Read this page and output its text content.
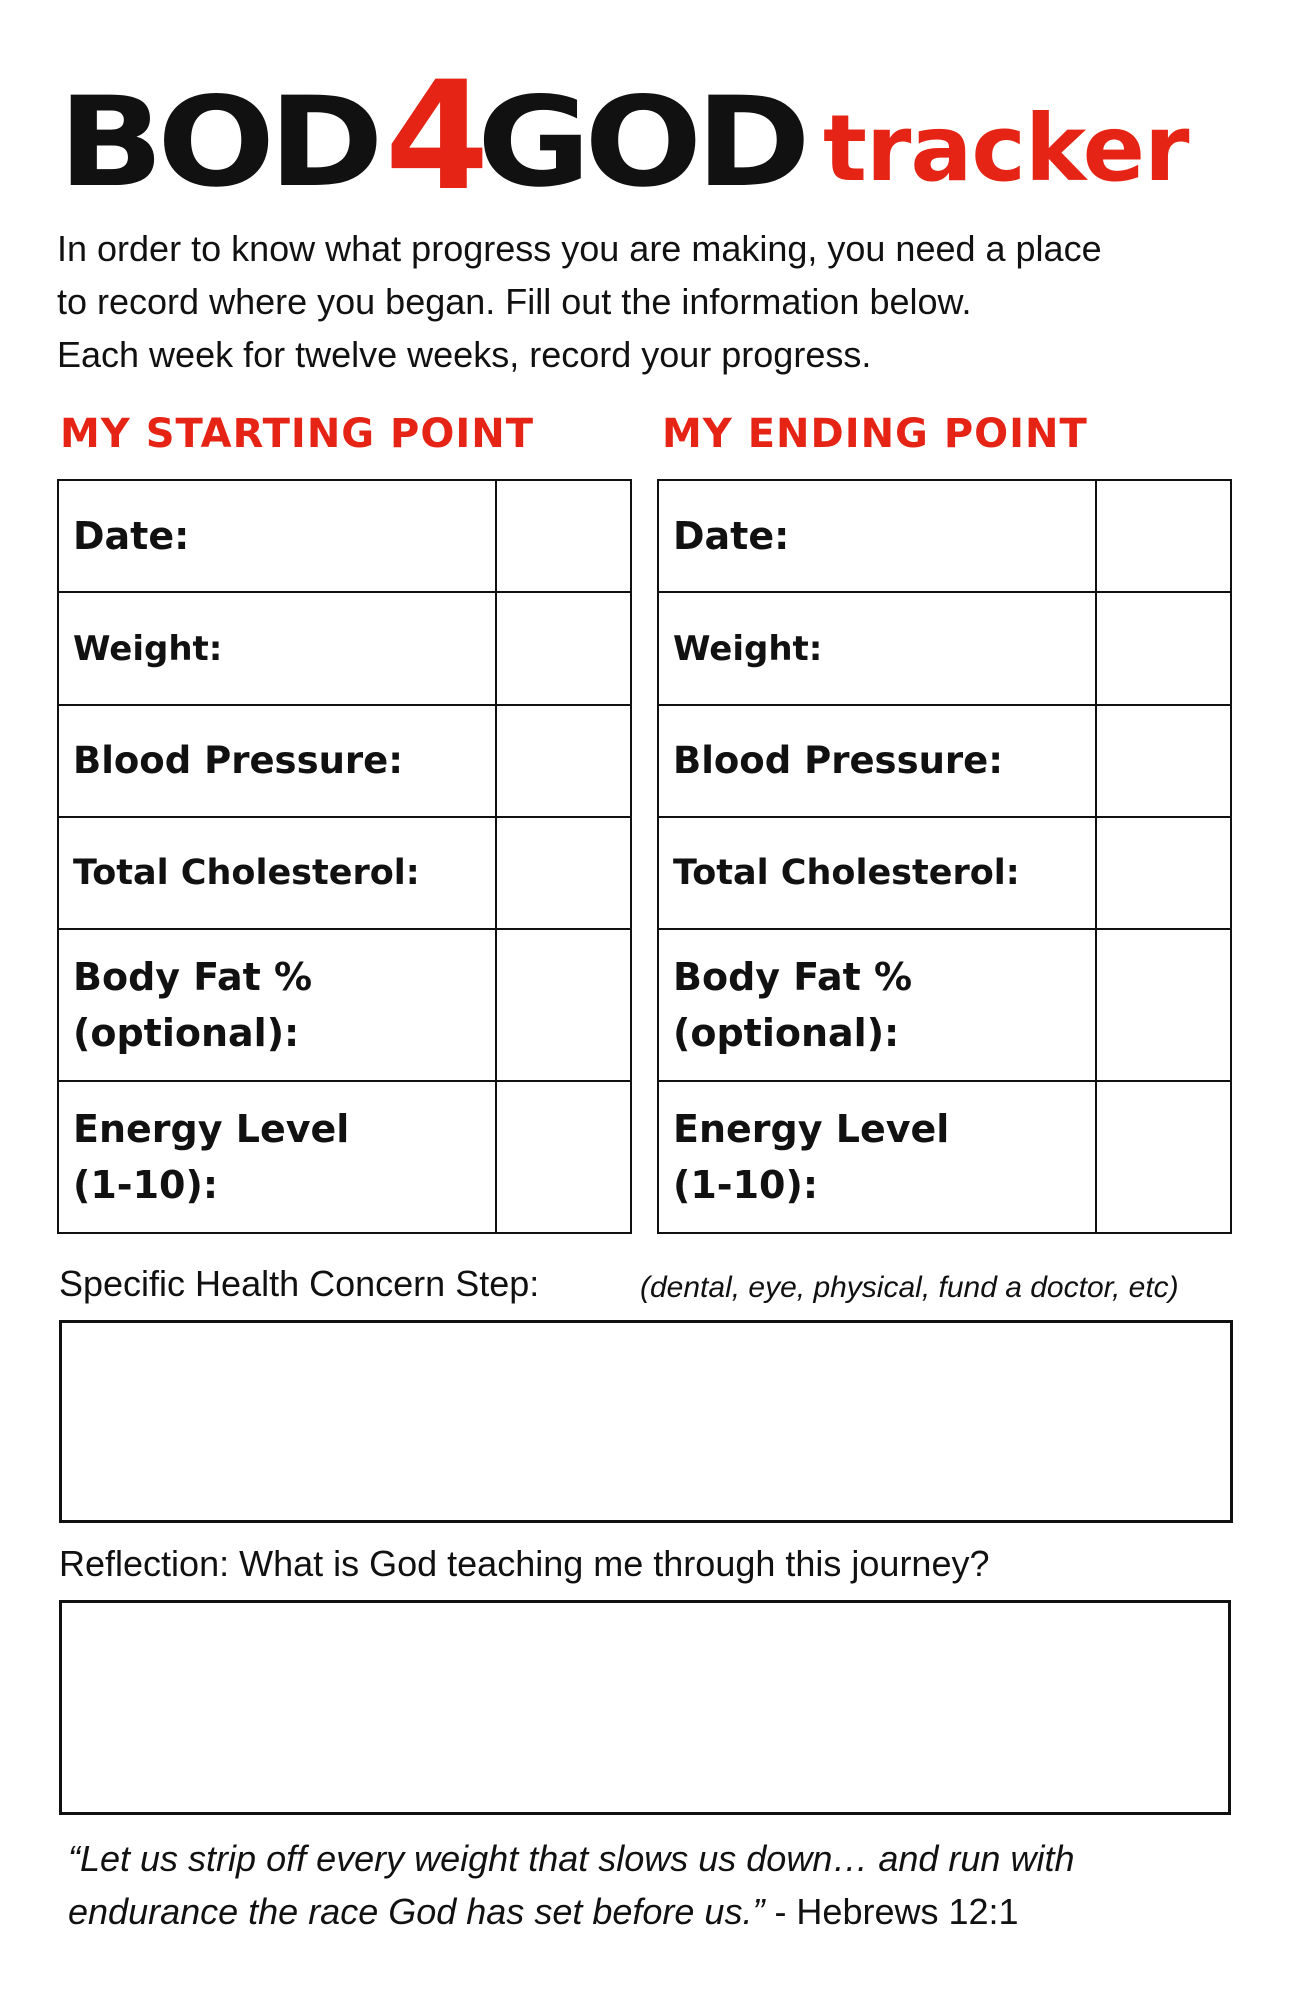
BOD4GOD tracker
In order to know what progress you are making, you need a place
to record where you began. Fill out the information below.
Each week for twelve weeks, record your progress.
MY STARTING POINT	MY ENDING POINT
Date:	
Weight:	
Blood Pressure:	
Total Cholesterol:	

Body Fat %
(optional):	

Energy Level
(1-10):	

Date:	
Weight:	
Blood Pressure:	
Total Cholesterol:	

Body Fat %
(optional):	

Energy Level
(1-10):	

Specific Health Concern Step:	(dental, eye, physical, fund a doctor, etc)
Reflection: What is God teaching me through this journey?
“Let us strip off every weight that slows us down… and run with
endurance the race God has set before us.” - Hebrews 12:1
